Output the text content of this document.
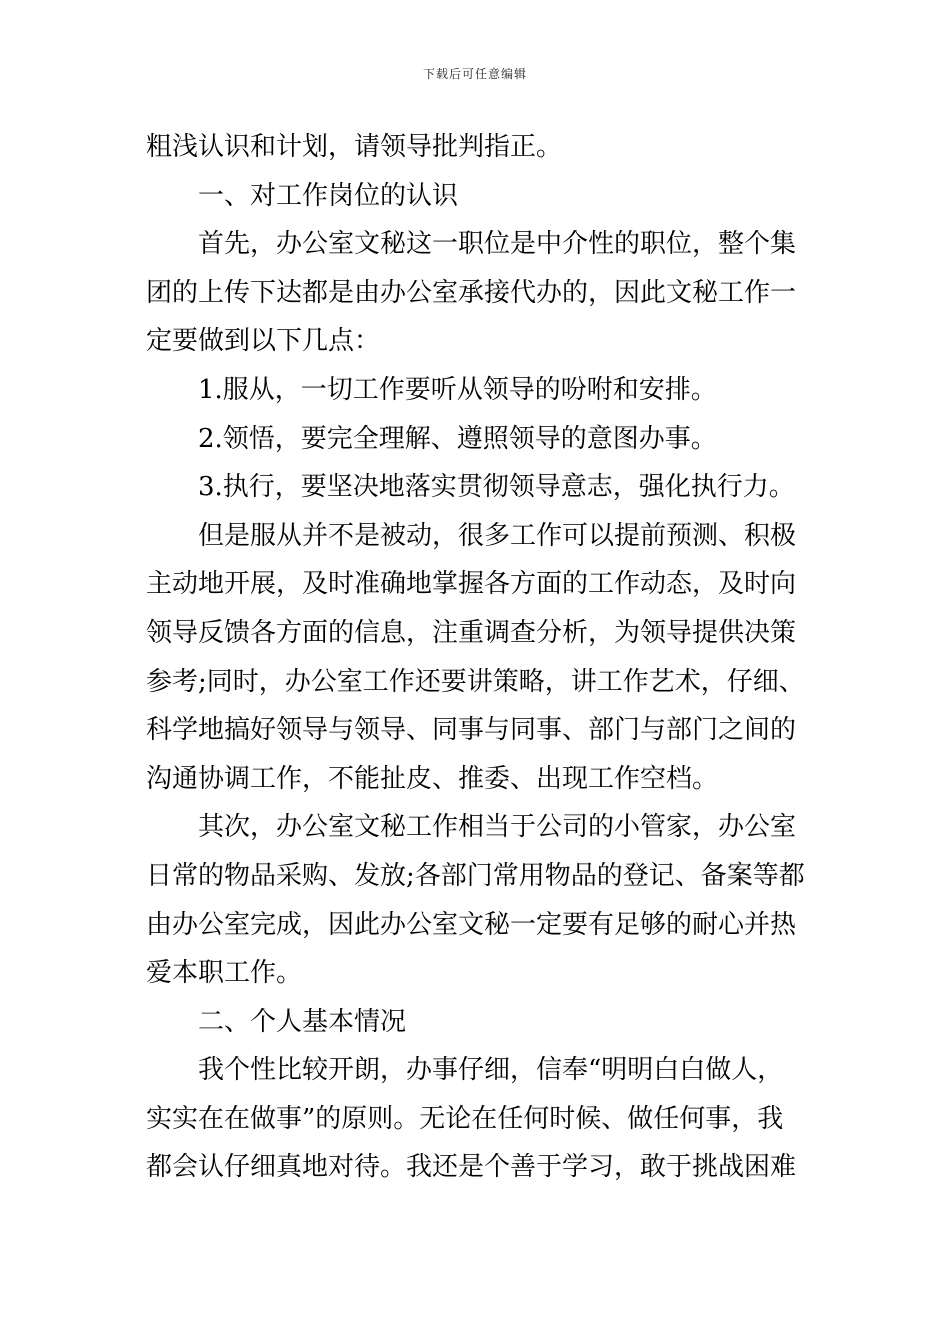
下载后可任意编辑
粗浅认识和计划，请领导批判指正。
一、对工作岗位的认识
首先，办公室文秘这一职位是中介性的职位，整个集
团的上传下达都是由办公室承接代办的，因此文秘工作一
定要做到以下几点：
1.服从，一切工作要听从领导的吩咐和安排。
2.领悟，要完全理解、遵照领导的意图办事。
3.执行，要坚决地落实贯彻领导意志，强化执行力。
但是服从并不是被动，很多工作可以提前预测、积极
主动地开展，及时准确地掌握各方面的工作动态，及时向
领导反馈各方面的信息，注重调查分析，为领导提供决策
参考;同时，办公室工作还要讲策略，讲工作艺术，仔细、
科学地搞好领导与领导、同事与同事、部门与部门之间的
沟通协调工作，不能扯皮、推委、出现工作空档。
其次，办公室文秘工作相当于公司的小管家，办公室
日常的物品采购、发放;各部门常用物品的登记、备案等都
由办公室完成，因此办公室文秘一定要有足够的耐心并热
爱本职工作。
二、个人基本情况
我个性比较开朗，办事仔细，信奉“明明白白做人，
实实在在做事”的原则。无论在任何时候、做任何事，我
都会认仔细真地对待。我还是个善于学习，敢于挑战困难
